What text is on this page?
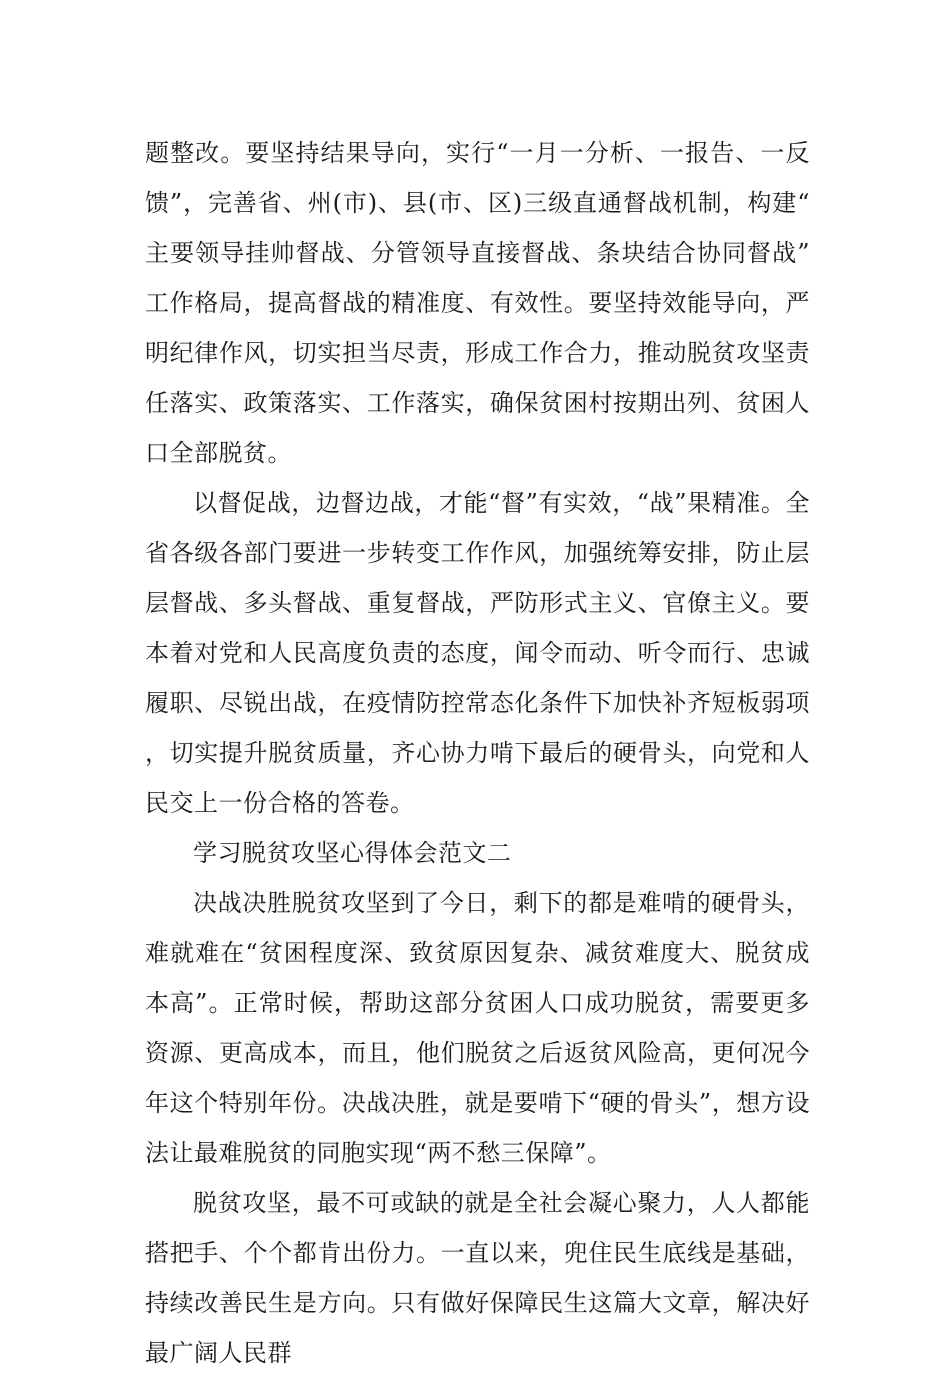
题整改。要坚持结果导向，实行“一月一分析、一报告、一反馈”，完善省、州(市)、县(市、区)三级直通督战机制，构建“主要领导挂帅督战、分管领导直接督战、条块结合协同督战”工作格局，提高督战的精准度、有效性。要坚持效能导向，严明纪律作风，切实担当尽责，形成工作合力，推动脱贫攻坚责任落实、政策落实、工作落实，确保贫困村按期出列、贫困人口全部脱贫。

以督促战，边督边战，才能“督”有实效，“战”果精准。全省各级各部门要进一步转变工作作风，加强统筹安排，防止层层督战、多头督战、重复督战，严防形式主义、官僚主义。要本着对党和人民高度负责的态度，闻令而动、听令而行、忠诚履职、尽锐出战，在疫情防控常态化条件下加快补齐短板弱项，切实提升脱贫质量，齐心协力啃下最后的硬骨头，向党和人民交上一份合格的答卷。

学习脱贫攻坚心得体会范文二

决战决胜脱贫攻坚到了今日，剩下的都是难啃的硬骨头，难就难在“贫困程度深、致贫原因复杂、减贫难度大、脱贫成本高”。正常时候，帮助这部分贫困人口成功脱贫，需要更多资源、更高成本，而且，他们脱贫之后返贫风险高，更何况今年这个特别年份。决战决胜，就是要啃下“硬的骨头”，想方设法让最难脱贫的同胞实现“两不愁三保障”。

脱贫攻坚，最不可或缺的就是全社会凝心聚力，人人都能搭把手、个个都肯出份力。一直以来，兜住民生底线是基础，持续改善民生是方向。只有做好保障民生这篇大文章，解决好最广阔人民群
